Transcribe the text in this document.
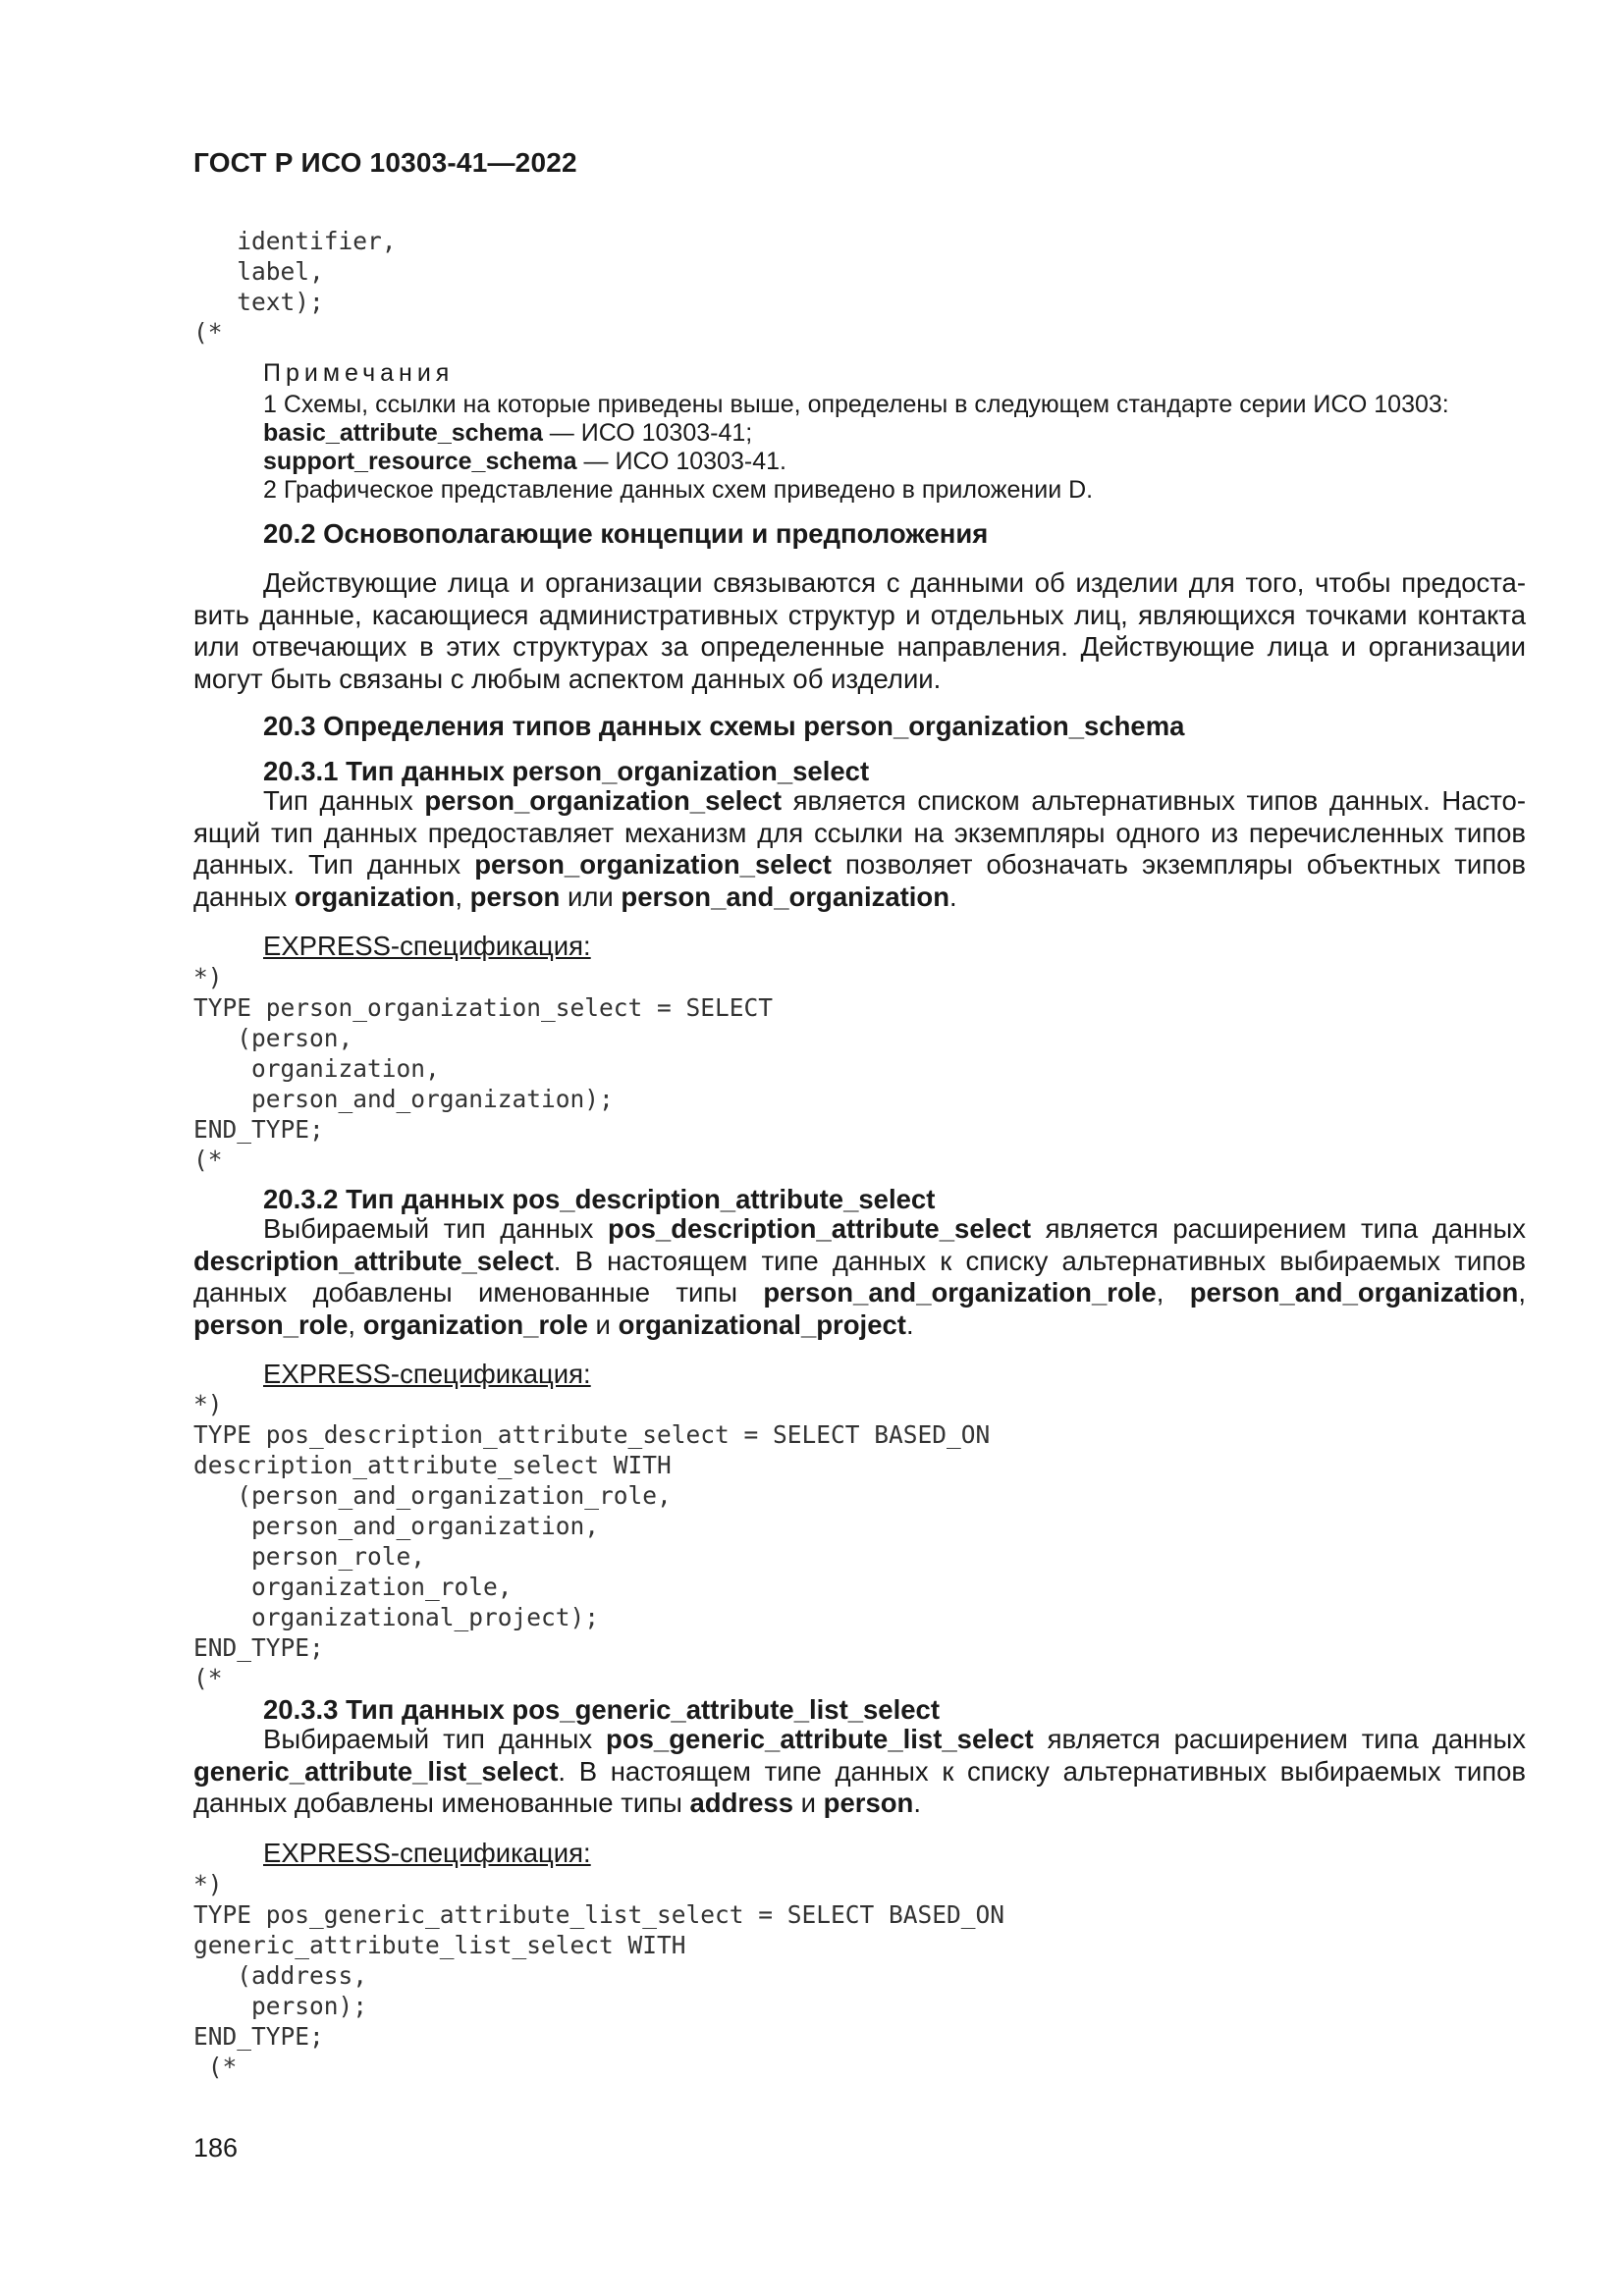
ГОСТ Р ИСО 10303-41—2022
identifier,
label,
text);
(*
Примечания
1 Схемы, ссылки на которые приведены выше, определены в следующем стандарте серии ИСО 10303:
basic_attribute_schema — ИСО 10303-41;
support_resource_schema — ИСО 10303-41.
2 Графическое представление данных схем приведено в приложении D.
20.2 Основополагающие концепции и предположения
Действующие лица и организации связываются с данными об изделии для того, чтобы предоста-
вить данные, касающиеся административных структур и отдельных лиц, являющихся точками контакта
или отвечающих в этих структурах за определенные направления. Действующие лица и организации
могут быть связаны с любым аспектом данных об изделии.
20.3 Определения типов данных схемы person_organization_schema
20.3.1 Тип данных person_organization_select
Тип данных person_organization_select является списком альтернативных типов данных. Насто-
ящий тип данных предоставляет механизм для ссылки на экземпляры одного из перечисленных типов
данных. Тип данных person_organization_select позволяет обозначать экземпляры объектных типов
данных organization, person или person_and_organization.
EXPRESS-спецификация:
*)
TYPE person_organization_select = SELECT
(person,
organization,
person_and_organization);
END_TYPE;
(*
20.3.2 Тип данных pos_description_attribute_select
Выбираемый тип данных pos_description_attribute_select является расширением типа данных
description_attribute_select. В настоящем типе данных к списку альтернативных выбираемых типов
данных добавлены именованные типы person_and_organization_role, person_and_organization,
person_role, organization_role и organizational_project.
EXPRESS-спецификация:
*)
TYPE pos_description_attribute_select = SELECT BASED_ON
description_attribute_select WITH
(person_and_organization_role,
person_and_organization,
person_role,
organization_role,
organizational_project);
END_TYPE;
(*
20.3.3 Тип данных pos_generic_attribute_list_select
Выбираемый тип данных pos_generic_attribute_list_select является расширением типа данных
generic_attribute_list_select. В настоящем типе данных к списку альтернативных выбираемых типов
данных добавлены именованные типы address и person.
EXPRESS-спецификация:
*)
TYPE pos_generic_attribute_list_select = SELECT BASED_ON
generic_attribute_list_select WITH
(address,
person);
END_TYPE;
(*
186
